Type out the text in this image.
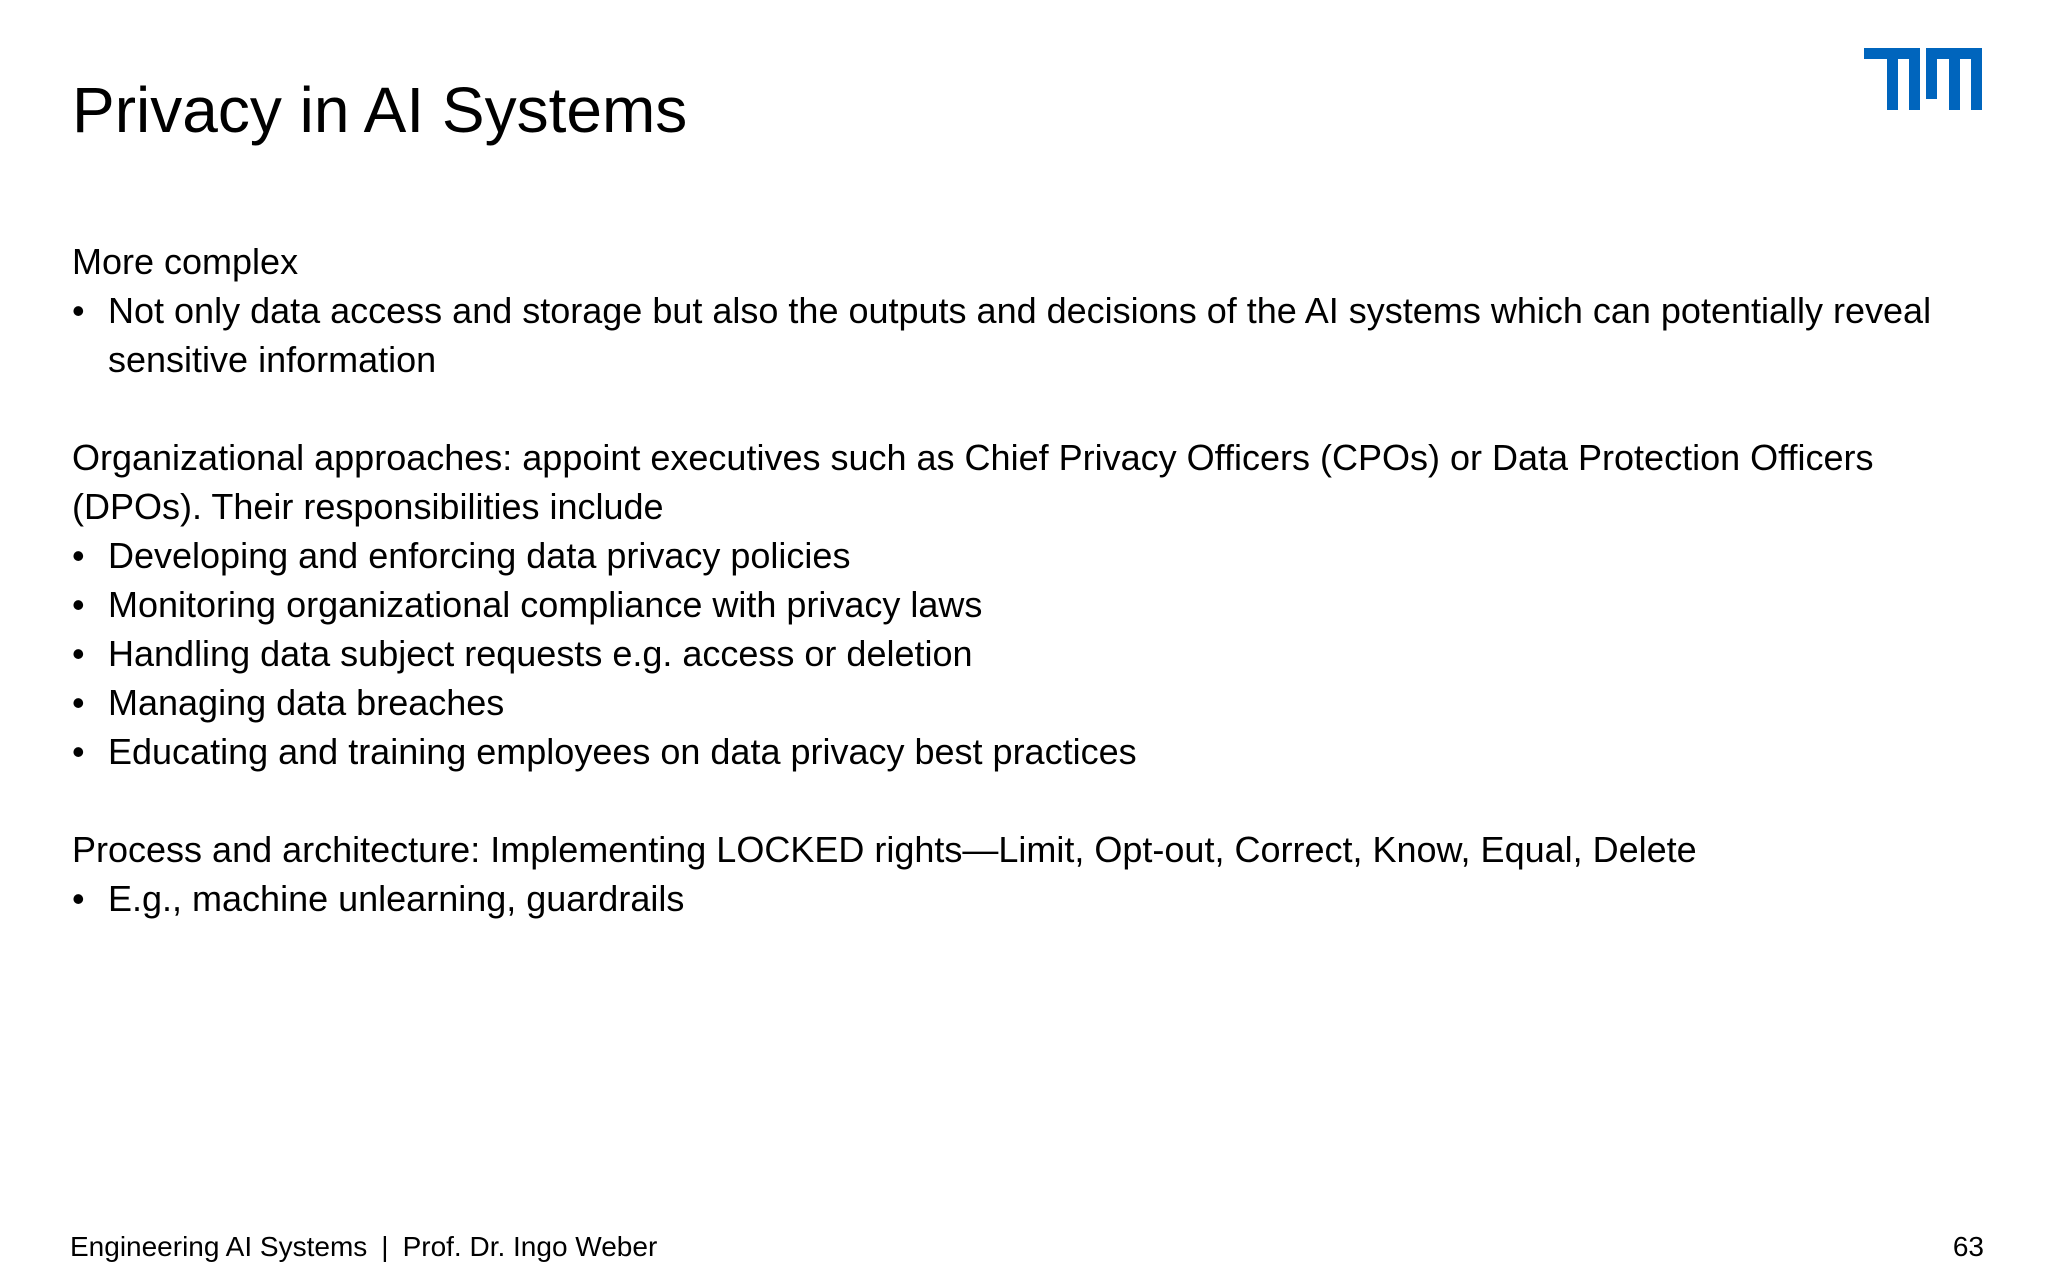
Privacy in AI Systems

More complex

• Not only data access and storage but also the outputs and decisions of the AI systems which can potentially reveal
sensitive information

Organizational approaches: appoint executives such as Chief Privacy Officers (CPOs) or Data Protection Officers
(DPOs). Their responsibilities include

• Developing and enforcing data privacy policies
• Monitoring organizational compliance with privacy laws
• Handling data subject requests e.g. access or deletion
• Managing data breaches
• Educating and training employees on data privacy best practices

Process and architecture: Implementing LOCKED rights—Limit, Opt-out, Correct, Know, Equal, Delete

• E.g., machine unlearning, guardrails
Engineering AI Systems | Prof. Dr. Ingo Weber	63
